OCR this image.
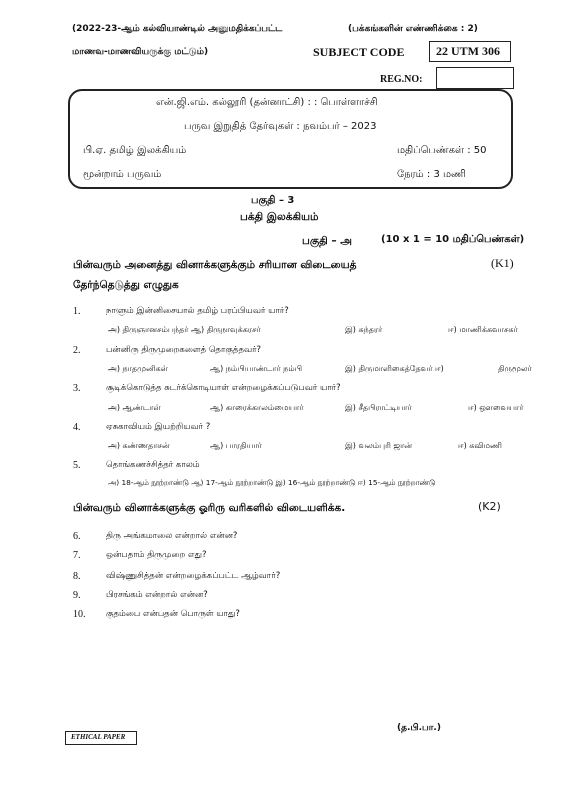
(2022-23-ஆம் கல்வியாண்டில் அனுமதிக்கப்பட்ட	(பக்கங்களின் எண்ணிக்கை : 2)
மாணவ-மாணவியருக்கு மட்டும்)	SUBJECT CODE	22 UTM 306
REG.NO:
என்.ஜி.எம். கல்லூரி (தன்னாட்சி) : : பொள்ளாச்சி
பருவ இறுதித் தேர்வுகள் : நவம்பர் – 2023
பி.ஏ. தமிழ் இலக்கியம்	மதிப்பெண்கள் : 50
மூன்றாம் பருவம்	நேரம் : 3 மணி
பகுதி – 3
பக்தி இலக்கியம்
பகுதி – அ	(10 x 1 = 10 மதிப்பெண்கள்)
பின்வரும் அனைத்து வினாக்களுக்கும் சரியான விடையைத்	(K1)
தேர்ந்தெடுத்து எழுதுக
1.	நாளும் இன்னிசையால் தமிழ் பரப்பியவர் யார்?
அ) திருஞானசம்பந்தர் ஆ) திருநாவுக்கரசர்	இ) சுந்தரர்	ஈ) மாணிக்கவாசகர்
2.	பன்னிரு திருமுறைகளைத் தொகுத்தவர்?
அ) நாதமுனிகள்	ஆ) நம்பியாண்டார் நம்பி	இ) திருமாளிகைத்தேவர் ஈ)	திருமூலர்
3.	சூடிக்கொடுத்த சுடர்க்கொடியாள் என்றழைக்கப்படுபவர் யார்?
அ) ஆண்டாள்	ஆ) காரைக்காலம்மையார்	இ) சீதபிராட்டியார்	ஈ) ஔவையார்
4.	ஏசுகாவியம் இயற்றியவர் ?
அ) கண்ணதாசன்	ஆ) பாரதியார்	இ) வலம்புரி ஜான்	ஈ) கவிமணி
5.	தொங்கணச்சித்தர் காலம்
அ) 18-ஆம் நூற்றாண்டு ஆ) 17-ஆம் நூற்றாண்டு இ) 16-ஆம் நூற்றாண்டு ஈ) 15-ஆம் நூற்றாண்டு
பின்வரும் வினாக்களுக்கு ஓரிரு வரிகளில் விடையளிக்க.	(K2)
6.	திரு அங்கமாலை என்றால் என்ன?
7.	ஒன்பதாம் திருமுறை எது?
8.	விஷ்ணுசித்தன் என்றழைக்கப்பட்ட ஆழ்வார்?
9.	பிரசங்கம் என்றால் என்ன?
10. குதம்பை என்பதன் பொருள் யாது?
(த.பி.பா.)
ETHICAL PAPER
